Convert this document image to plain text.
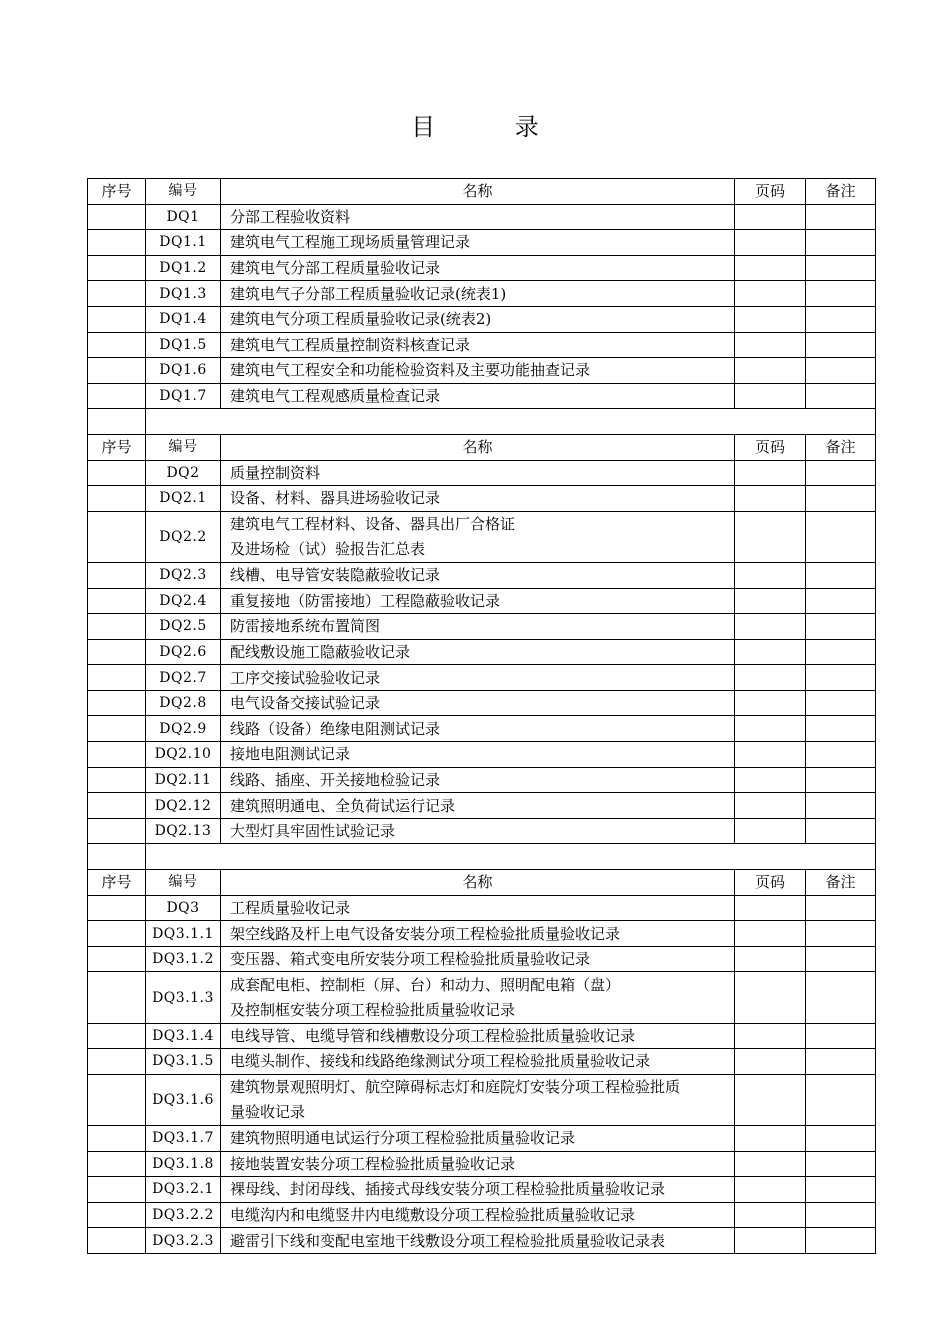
目 录
序号	编号	名称	页码	备注
	DQ1	分部工程验收资料		
	DQ1.1	建筑电气工程施工现场质量管理记录		
	DQ1.2	建筑电气分部工程质量验收记录		
	DQ1.3	建筑电气子分部工程质量验收记录(统表1)		
	DQ1.4	建筑电气分项工程质量验收记录(统表2)		
	DQ1.5	建筑电气工程质量控制资料核查记录		
	DQ1.6	建筑电气工程安全和功能检验资料及主要功能抽查记录		
	DQ1.7	建筑电气工程观感质量检查记录		

序号	编号	名称	页码	备注
	DQ2	质量控制资料		
	DQ2.1	设备、材料、器具进场验收记录		
	DQ2.2	建筑电气工程材料、设备、器具出厂合格证
及进场检（试）验报告汇总表		

	DQ2.3	线槽、电导管安装隐蔽验收记录		
	DQ2.4	重复接地（防雷接地）工程隐蔽验收记录		
	DQ2.5	防雷接地系统布置简图		
	DQ2.6	配线敷设施工隐蔽验收记录		
	DQ2.7	工序交接试验验收记录		
	DQ2.8	电气设备交接试验记录		
	DQ2.9	线路（设备）绝缘电阻测试记录		
	DQ2.10	接地电阻测试记录		
	DQ2.11	线路、插座、开关接地检验记录		
	DQ2.12	建筑照明通电、全负荷试运行记录		
	DQ2.13	大型灯具牢固性试验记录		

序号	编号	名称	页码	备注
	DQ3	工程质量验收记录		
	DQ3.1.1	架空线路及杆上电气设备安装分项工程检验批质量验收记录		
	DQ3.1.2	变压器、箱式变电所安装分项工程检验批质量验收记录		
	DQ3.1.3	成套配电柜、控制柜（屏、台）和动力、照明配电箱（盘）
及控制框安装分项工程检验批质量验收记录		

	DQ3.1.4	电线导管、电缆导管和线槽敷设分项工程检验批质量验收记录		
	DQ3.1.5	电缆头制作、接线和线路绝缘测试分项工程检验批质量验收记录		
	DQ3.1.6	建筑物景观照明灯、航空障碍标志灯和庭院灯安装分项工程检验批质
量验收记录		

	DQ3.1.7	建筑物照明通电试运行分项工程检验批质量验收记录		
	DQ3.1.8	接地装置安装分项工程检验批质量验收记录		
	DQ3.2.1	裸母线、封闭母线、插接式母线安装分项工程检验批质量验收记录		
	DQ3.2.2	电缆沟内和电缆竖井内电缆敷设分项工程检验批质量验收记录		
	DQ3.2.3	避雷引下线和变配电室地干线敷设分项工程检验批质量验收记录表		
